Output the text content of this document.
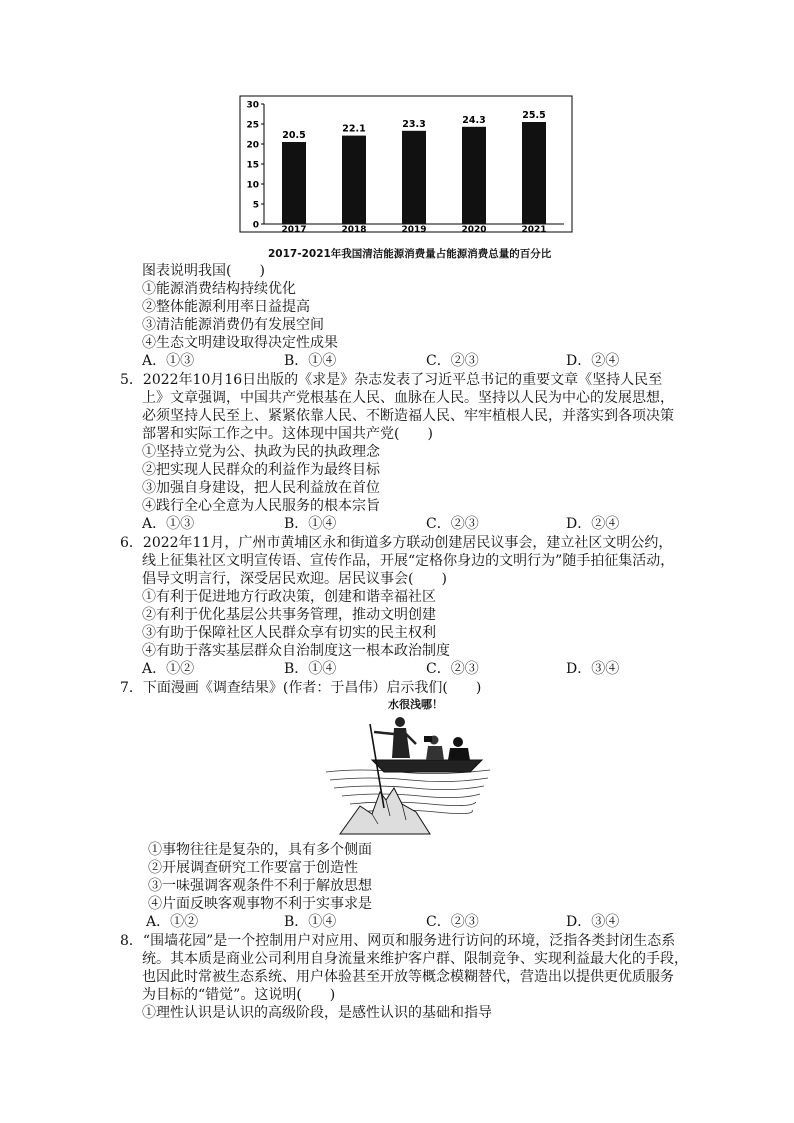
0
5
10
15
20
25
30
20.5
2017
22.1
2018
23.3
2019
24.3
2020
25.5
2021
2017-2021年我国清洁能源消费量占能源消费总量的百分比
图表说明我国(　　)
①能源消费结构持续优化
②整体能源利用率日益提高
③清洁能源消费仍有发展空间
④生态文明建设取得决定性成果
A．①③	B．①④	C．②③	D．②④
5．2022年10月16日出版的《求是》杂志发表了习近平总书记的重要文章《坚持人民至
上》文章强调，中国共产党根基在人民、血脉在人民。坚持以人民为中心的发展思想，
必须坚持人民至上、紧紧依靠人民、不断造福人民、牢牢植根人民，并落实到各项决策
部署和实际工作之中。这体现中国共产党(　　)
①坚持立党为公、执政为民的执政理念
②把实现人民群众的利益作为最终目标
③加强自身建设，把人民利益放在首位
④践行全心全意为人民服务的根本宗旨
A．①③	B．①④	C．②③	D．②④
6．2022年11月，广州市黄埔区永和街道多方联动创建居民议事会，建立社区文明公约，
线上征集社区文明宣传语、宣传作品，开展“定格你身边的文明行为”随手拍征集活动，
倡导文明言行，深受居民欢迎。居民议事会(　　)
①有利于促进地方行政决策，创建和谐幸福社区
②有利于优化基层公共事务管理，推动文明创建
③有助于保障社区人民群众享有切实的民主权利
④有助于落实基层群众自治制度这一根本政治制度
A．①②	B．①④	C．②③	D．③④
7．下面漫画《调查结果》(作者：于昌伟）启示我们(　　)
水很浅哪！
①事物往往是复杂的，具有多个侧面
②开展调查研究工作要富于创造性
③一味强调客观条件不利于解放思想
④片面反映客观事物不利于实事求是
A．①②	B．①④	C．②③	D．③④
8．“围墙花园”是一个控制用户对应用、网页和服务进行访问的环境，泛指各类封闭生态系
统。其本质是商业公司利用自身流量来维护客户群、限制竞争、实现利益最大化的手段，
也因此时常被生态系统、用户体验甚至开放等概念模糊替代，营造出以提供更优质服务
为目标的“错觉”。这说明(　　)
①理性认识是认识的高级阶段，是感性认识的基础和指导
